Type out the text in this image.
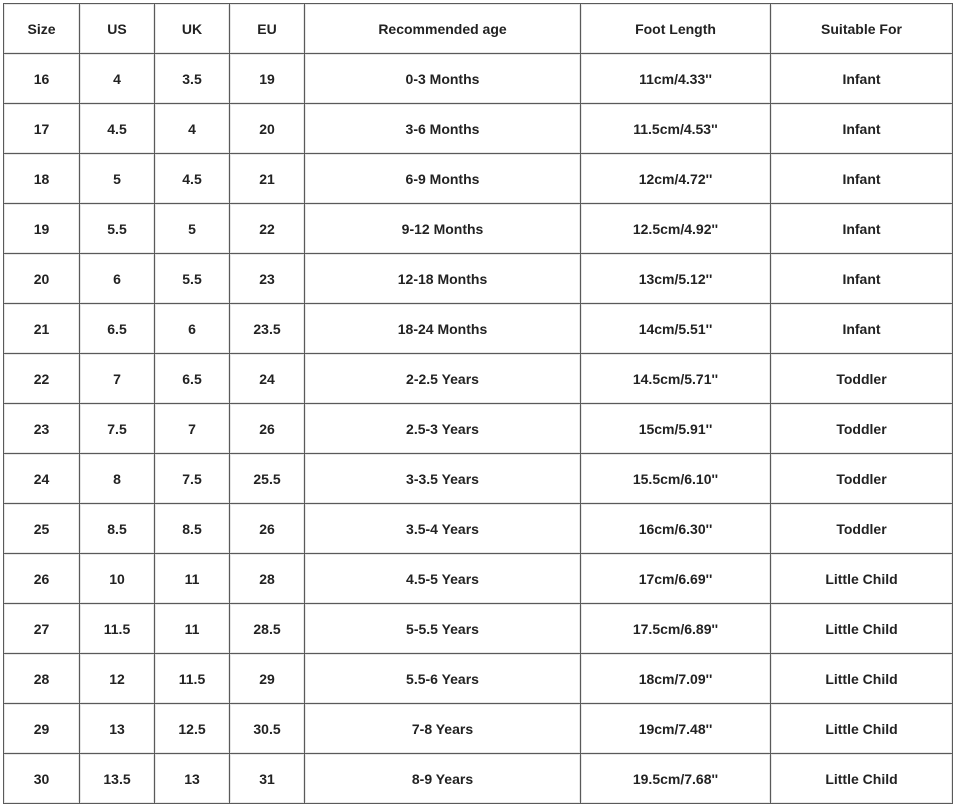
Size	US	UK	EU	Recommended age	Foot Length	Suitable For
16	4	3.5	19	0-3 Months	11cm/4.33''	Infant
17	4.5	4	20	3-6 Months	11.5cm/4.53''	Infant
18	5	4.5	21	6-9 Months	12cm/4.72''	Infant
19	5.5	5	22	9-12 Months	12.5cm/4.92''	Infant
20	6	5.5	23	12-18 Months	13cm/5.12''	Infant
21	6.5	6	23.5	18-24 Months	14cm/5.51''	Infant
22	7	6.5	24	2-2.5 Years	14.5cm/5.71''	Toddler
23	7.5	7	26	2.5-3 Years	15cm/5.91''	Toddler
24	8	7.5	25.5	3-3.5 Years	15.5cm/6.10''	Toddler
25	8.5	8.5	26	3.5-4 Years	16cm/6.30''	Toddler
26	10	11	28	4.5-5 Years	17cm/6.69''	Little Child
27	11.5	11	28.5	5-5.5 Years	17.5cm/6.89''	Little Child
28	12	11.5	29	5.5-6 Years	18cm/7.09''	Little Child
29	13	12.5	30.5	7-8 Years	19cm/7.48''	Little Child
30	13.5	13	31	8-9 Years	19.5cm/7.68''	Little Child
